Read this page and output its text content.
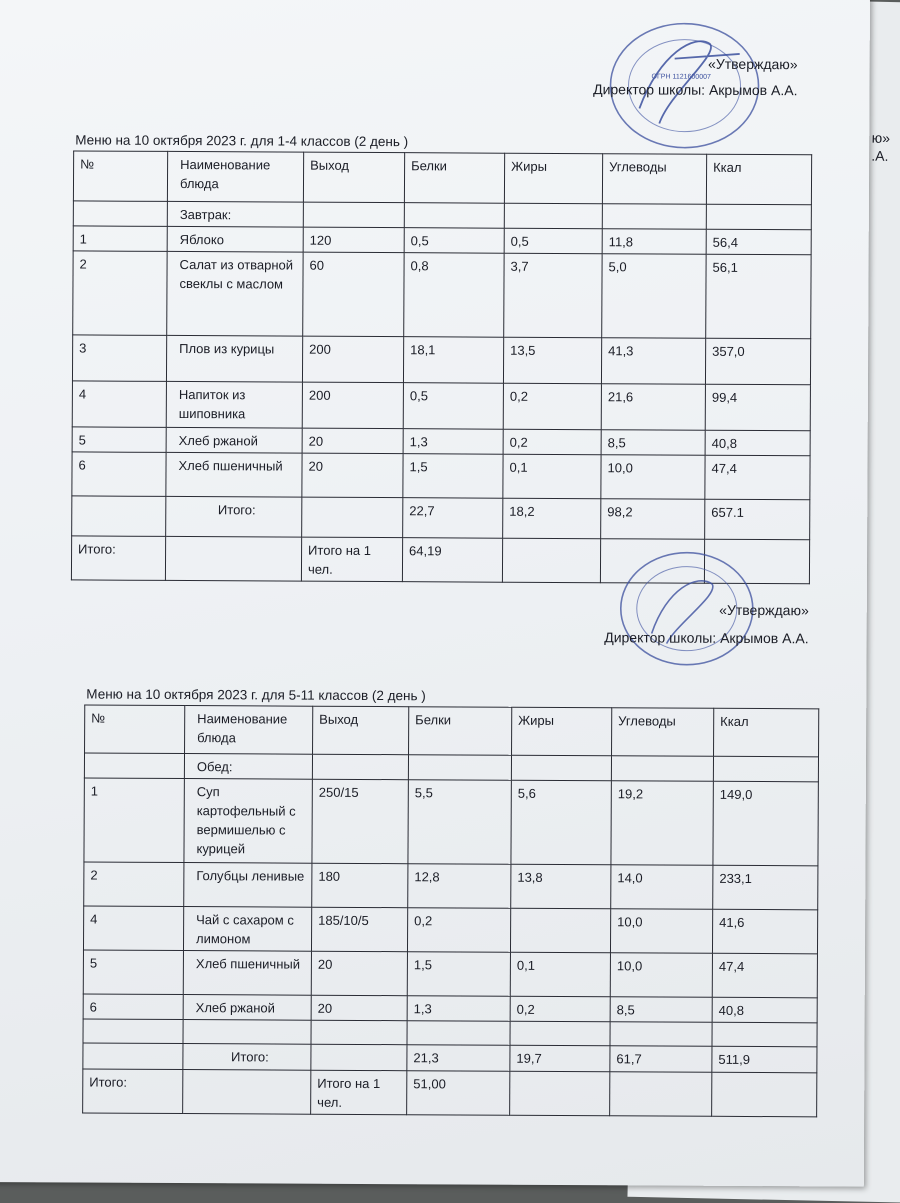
ю»
.А.
ОГРН 1121600007
«Утверждаю»
Директор школы: Акрымов А.А.
Меню на 10 октября 2023 г. для 1-4 классов (2 день )
№	Наименование блюда	Выход	Белки	Жиры	Углеводы	Ккал
	Завтрак:					
1	Яблоко	120	0,5	0,5	11,8	56,4
2	Салат из отварной свеклы с маслом	60	0,8	3,7	5,0	56,1
3	Плов из курицы	200	18,1	13,5	41,3	357,0
4	Напиток из шиповника	200	0,5	0,2	21,6	99,4
5	Хлеб ржаной	20	1,3	0,2	8,5	40,8
6	Хлеб пшеничный	20	1,5	0,1	10,0	47,4
	Итого:		22,7	18,2	98,2	657.1
Итого:		Итого на 1 чел.	64,19			
«Утверждаю»
Директор школы: Акрымов А.А.
Меню на 10 октября 2023 г. для 5-11 классов (2 день )
№	Наименование блюда	Выход	Белки	Жиры	Углеводы	Ккал
	Обед:					
1	Суп картофельный с вермишелью с курицей	250/15	5,5	5,6	19,2	149,0
2	Голубцы ленивые	180	12,8	13,8	14,0	233,1
4	Чай с сахаром с лимоном	185/10/5	0,2		10,0	41,6
5	Хлеб пшеничный	20	1,5	0,1	10,0	47,4
6	Хлеб ржаной	20	1,3	0,2	8,5	40,8

	Итого:		21,3	19,7	61,7	511,9
Итого:		Итого на 1 чел.	51,00			
